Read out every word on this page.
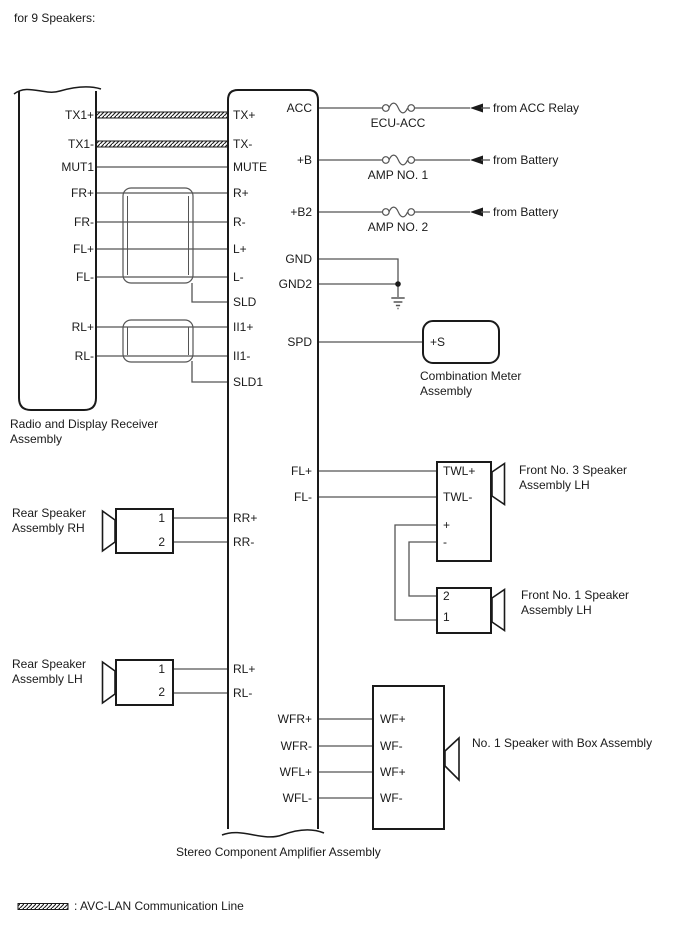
for 9 Speakers:
TX1+
TX1-
MUT1
FR+
FR-
FL+
FL-
RL+
RL-
Radio and Display Receiver
Assembly
TX+
TX-
MUTE
R+
R-
L+
L-
SLD
II1+
II1-
SLD1
RR+
RR-
RL+
RL-
ACC
+B
+B2
GND
GND2
SPD
FL+
FL-
WFR+
WFR-
WFL+
WFL-
Stereo Component Amplifier Assembly
ECU-ACC
AMP NO. 1
AMP NO. 2
from ACC Relay
from Battery
from Battery
+S
Combination Meter
Assembly
TWL+
TWL-
+
-
Front No. 3 Speaker
Assembly LH
2
1
Front No. 1 Speaker
Assembly LH
1
2
Rear Speaker
Assembly RH
1
2
Rear Speaker
Assembly LH
WF+
WF-
WF+
WF-
No. 1 Speaker with Box Assembly
: AVC-LAN Communication Line
